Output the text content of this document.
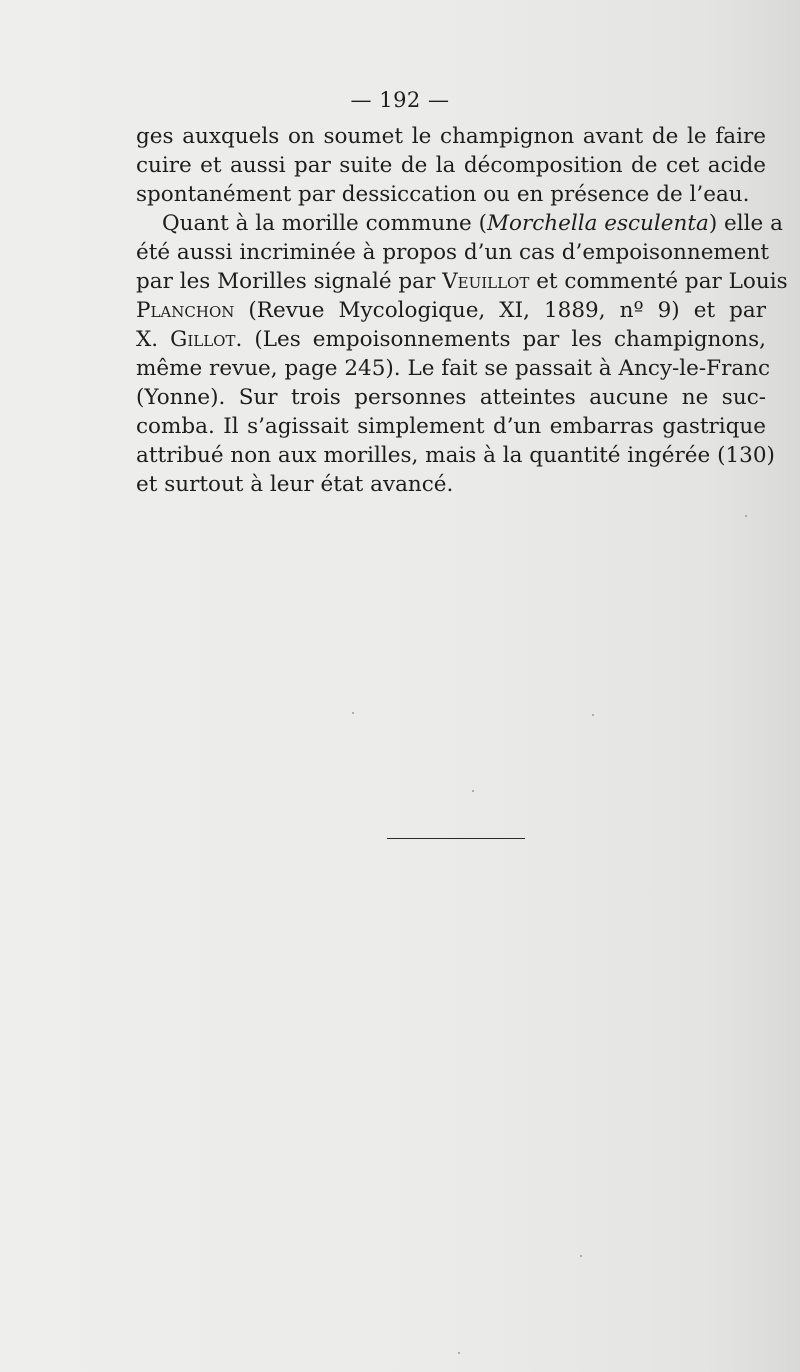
— 192 —
ges auxquels on soumet le champignon avant de le faire
cuire et aussi par suite de la décomposition de cet acide
spontanément par dessiccation ou en présence de l’eau.
Quant à la morille commune (Morchella esculenta) elle a
été aussi incriminée à propos d’un cas d’empoisonnement
par les Morilles signalé par Veuillot et commenté par Louis
Planchon (Revue Mycologique, XI, 1889, nº 9) et par
X. Gillot. (Les empoisonnements par les champignons,
même revue, page 245). Le fait se passait à Ancy-le-Franc
(Yonne). Sur trois personnes atteintes aucune ne suc-
comba. Il s’agissait simplement d’un embarras gastrique
attribué non aux morilles, mais à la quantité ingérée (130)
et surtout à leur état avancé.
